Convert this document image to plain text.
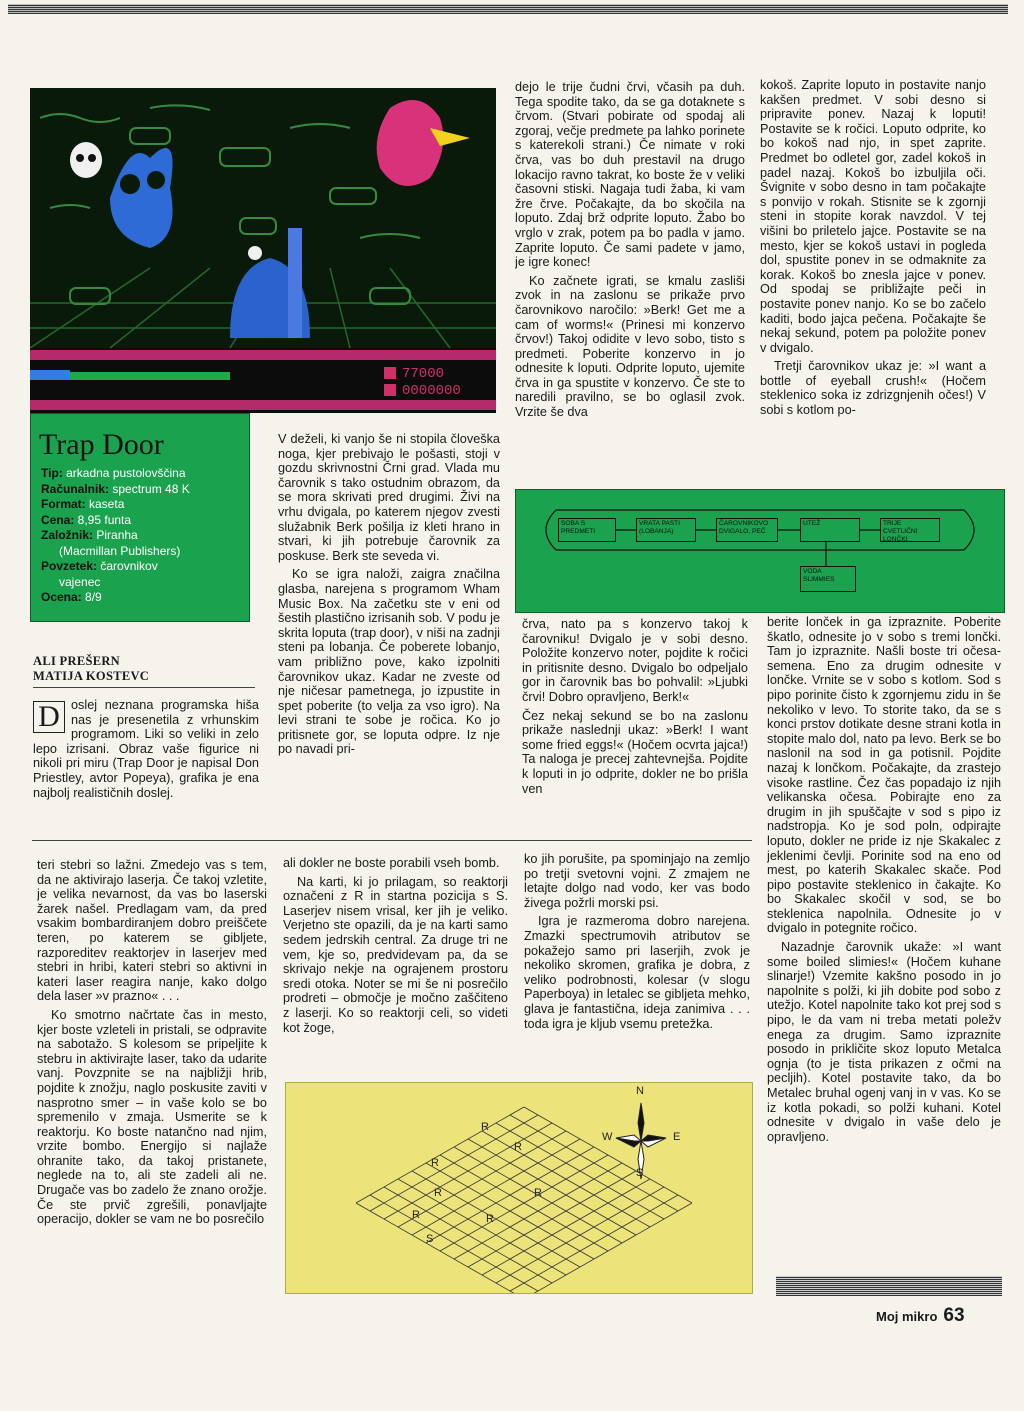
77000
0000000
Trap Door
Tip: arkadna pustolovščina
Računalnik: spectrum 48 K
Format: kaseta
Cena: 8,95 funta
Založnik: Piranha
(Macmillan Publishers)
Povzetek: čarovnikov
vajenec
Ocena: 8/9
ALI PREŠERN
MATIJA KOSTEVC
D oslej neznana programska hiša nas je presenetila z vrhunskim programom. Liki so veliki in zelo lepo izrisani. Obraz vaše figurice ni nikoli pri miru (Trap Door je napisal Don Priestley, avtor Popeya), grafika je ena najbolj realističnih doslej.

V deželi, ki vanjo še ni stopila človeška noga, kjer prebivajo le pošasti, stoji v gozdu skrivnostni Črni grad. Vlada mu čarovnik s tako ostudnim obrazom, da se mora skrivati pred drugimi. Živi na vrhu dvigala, po katerem njegov zvesti služabnik Berk pošilja iz kleti hrano in stvari, ki jih potrebuje čarovnik za poskuse. Berk ste seveda vi.

Ko se igra naloži, zaigra značilna glasba, narejena s programom Wham Music Box. Na začetku ste v eni od šestih plastično izrisanih sob. V podu je skrita loputa (trap door), v niši na zadnji steni pa lobanja. Če poberete lobanjo, vam približno pove, kako izpolniti čarovnikov ukaz. Kadar ne zveste od nje ničesar pametnega, jo izpustite in spet poberite (to velja za vso igro). Na levi strani te sobe je ročica. Ko jo pritisnete gor, se loputa odpre. Iz nje po navadi pri-

dejo le trije čudni črvi, včasih pa duh. Tega spodite tako, da se ga dotaknete s črvom. (Stvari pobirate od spodaj ali zgoraj, večje predmete pa lahko porinete s katerekoli strani.) Če nimate v roki črva, vas bo duh prestavil na drugo lokacijo ravno takrat, ko boste že v veliki časovni stiski. Nagaja tudi žaba, ki vam žre črve. Počakajte, da bo skočila na loputo. Zdaj brž odprite loputo. Žabo bo vrglo v zrak, potem pa bo padla v jamo. Zaprite loputo. Če sami padete v jamo, je igre konec!

Ko začnete igrati, se kmalu zasliši zvok in na zaslonu se prikaže prvo čarovnikovo naročilo: »Berk! Get me a cam of worms!« (Prinesi mi konzervo črvov!) Takoj odidite v levo sobo, tisto s predmeti. Poberite konzervo in jo odnesite k loputi. Odprite loputo, ujemite črva in ga spustite v konzervo. Če ste to naredili pravilno, se bo oglasil zvok. Vrzite še dva

kokoš. Zaprite loputo in postavite nanjo kakšen predmet. V sobi desno si pripravite ponev. Nazaj k loputi! Postavite se k ročici. Loputo odprite, ko bo kokoš nad njo, in spet zaprite. Predmet bo odletel gor, zadel kokoš in padel nazaj. Kokoš bo izbuljila oči. Švignite v sobo desno in tam počakajte s ponvijo v rokah. Stisnite se k zgornji steni in stopite korak navzdol. V tej višini bo priletelo jajce. Postavite se na mesto, kjer se kokoš ustavi in pogleda dol, spustite ponev in se odmaknite za korak. Kokoš bo znesla jajce v ponev. Od spodaj se približajte peči in postavite ponev nanjo. Ko se bo začelo kaditi, bodo jajca pečena. Počakajte še nekaj sekund, potem pa položite ponev v dvigalo.

Tretji čarovnikov ukaz je: »I want a bottle of eyeball crush!« (Hočem steklenico soka iz zdrizgnjenih očes!) V sobi s kotlom po-

SOBA S PREDMETI
VRATA PASTI (LOBANJA)
ČAROVNIKOVO DVIGALO, PEČ
UTEŽ	TRIJE CVETLIČNI LONČKI
VODA SLIMMIES

črva, nato pa s konzervo takoj k čarovniku! Dvigalo je v sobi desno. Položite konzervo noter, pojdite k ročici in pritisnite desno. Dvigalo bo odpeljalo gor in čarovnik bas bo pohvalil: »Ljubki črvi! Dobro opravljeno, Berk!«

Čez nekaj sekund se bo na zaslonu prikaže naslednji ukaz: »Berk! I want some fried eggs!« (Hočem ocvrta jajca!) Ta naloga je precej zahtevnejša. Pojdite k loputi in jo odprite, dokler ne bo prišla ven

berite lonček in ga izpraznite. Poberite škatlo, odnesite jo v sobo s tremi lončki. Tam jo izpraznite. Našli boste tri očesa-semena. Eno za drugim odnesite v lončke. Vrnite se v sobo s kotlom. Sod s pipo porinite čisto k zgornjemu zidu in še nekoliko v levo. To storite tako, da se s konci prstov dotikate desne strani kotla in stopite malo dol, nato pa levo. Berk se bo naslonil na sod in ga potisnil. Pojdite nazaj k lončkom. Počakajte, da zrastejo visoke rastline. Čez čas popadajo iz njih velikanska očesa. Pobirajte eno za drugim in jih spuščajte v sod s pipo iz nadstropja. Ko je sod poln, odpirajte loputo, dokler ne pride iz nje Skakalec z jeklenimi čevlji. Porinite sod na eno od mest, po katerih Skakalec skače. Pod pipo postavite steklenico in čakajte. Ko bo Skakalec skočil v sod, se bo steklenica napolnila. Odnesite jo v dvigalo in potegnite ročico.

Nazadnje čarovnik ukaže: »I want some boiled slimies!« (Hočem kuhane slinarje!) Vzemite kakšno posodo in jo napolnite s polži, ki jih dobite pod sobo z utežjo. Kotel napolnite tako kot prej sod s pipo, le da vam ni treba metati poležv enega za drugim. Samo izpraznite posodo in prikličite skoz loputo Metalca ognja (to je tista prikazen z očmi na pecljih). Kotel postavite tako, da bo Metalec bruhal ogenj vanj in v vas. Ko se iz kotla pokadi, so polži kuhani. Kotel odnesite v dvigalo in vaše delo je opravljeno.

teri stebri so lažni. Zmedejo vas s tem, da ne aktivirajo laserja. Če takoj vzletite, je velika nevarnost, da vas bo laserski žarek našel. Predlagam vam, da pred vsakim bombardiranjem dobro preiščete teren, po katerem se gibljete, razporeditev reaktorjev in laserjev med stebri in hribi, kateri stebri so aktivni in kateri laser reagira nanje, kako dolgo dela laser »v prazno« . . .

Ko smotrno načrtate čas in mesto, kjer boste vzleteli in pristali, se odpravite na sabotažo. S kolesom se pripeljite k stebru in aktivirajte laser, tako da udarite vanj. Povzpnite se na najbližji hrib, pojdite k znožju, naglo poskusite zaviti v nasprotno smer – in vaše kolo se bo spremenilo v zmaja. Usmerite se k reaktorju. Ko boste natančno nad njim, vrzite bombo. Energijo si najlaže ohranite tako, da takoj pristanete, neglede na to, ali ste zadeli ali ne. Drugače vas bo zadelo že znano orožje. Če ste prvič zgrešili, ponavljajte operacijo, dokler se vam ne bo posrečilo

ali dokler ne boste porabili vseh bomb.

Na karti, ki jo prilagam, so reaktorji označeni z R in startna pozicija s S. Laserjev nisem vrisal, ker jih je veliko. Verjetno ste opazili, da je na karti samo sedem jedrskih central. Za druge tri ne vem, kje so, predvidevam pa, da se skrivajo nekje na ograjenem prostoru sredi otoka. Noter se mi še ni posrečilo prodreti – območje je močno zaščiteno z laserji. Ko so reaktorji celi, so videti kot žoge,

ko jih porušite, pa spominjajo na zemljo po tretji svetovni vojni. Z zmajem ne letajte dolgo nad vodo, ker vas bodo živega požrli morski psi.

Igra je razmeroma dobro narejena. Zmazki spectrumovih atributov se pokažejo samo pri laserjih, zvok je nekoliko skromen, grafika je dobra, z veliko podrobnosti, kolesar (v slogu Paperboya) in letalec se gibljeta mehko, glava je fantastična, ideja zanimiva . . . toda igra je kljub vsemu pretežka.

R
R
R
R	R
R
R
S
N
S
E
W
Moj mikro 63
